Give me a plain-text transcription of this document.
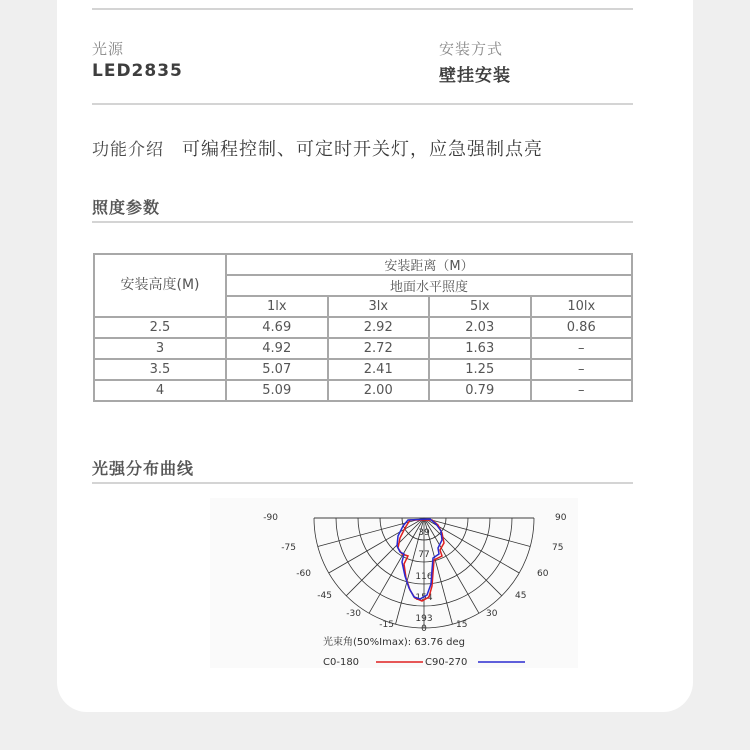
光源
LED2835
安装方式
壁挂安装
功能介绍 可编程控制、可定时开关灯，应急强制点亮
照度参数
安装高度(M)	安装距离（M）			
	地面水平照度			
	1lx	3lx	5lx	10lx
2.5	4.69	2.92	2.03	0.86
3	4.92	2.72	1.63	–
3.5	5.07	2.41	1.25	–
4	5.09	2.00	0.79	–
光强分布曲线
-90
-75
-60
-45
-30
-15
90
75
60
45
30
15
0
39
77
116
154
193
光束角(50%Imax): 63.76 deg
C0-180	C90-270
